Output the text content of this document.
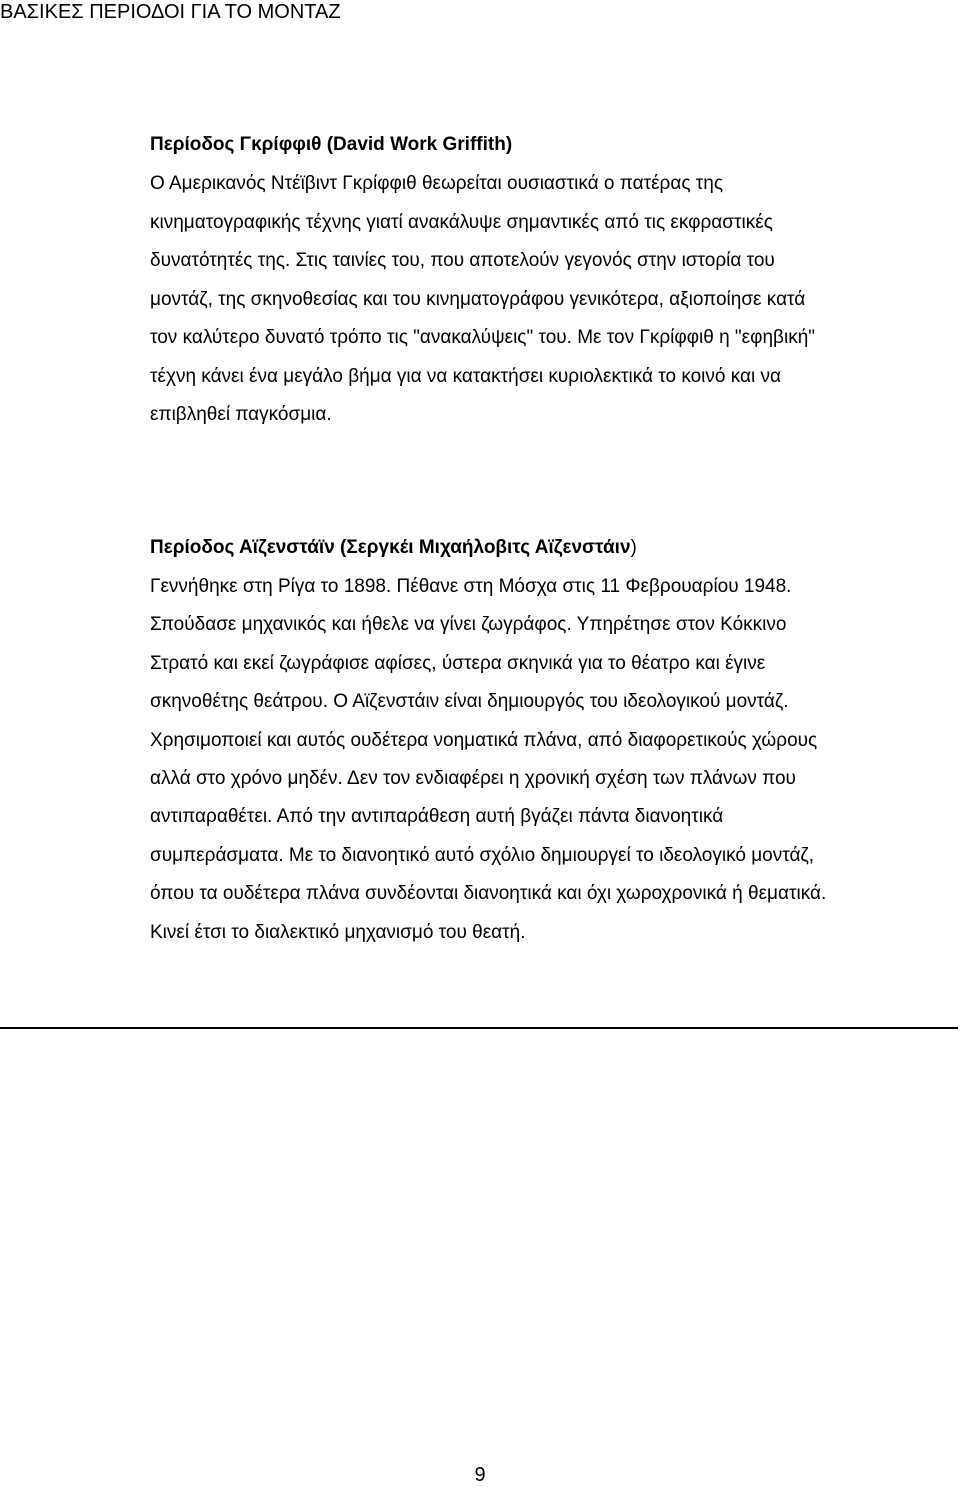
ΒΑΣΙΚΕΣ ΠΕΡΙΟΔΟΙ ΓΙΑ ΤΟ ΜΟΝΤΑΖ
Περίοδος Γκρίφφιθ (David Work Griffith)

Ο Αμερικανός Ντέϊβιντ Γκρίφφιθ θεωρείται ουσιαστικά ο πατέρας της
κινηματογραφικής τέχνης γιατί ανακάλυψε σημαντικές από τις εκφραστικές
δυνατότητές της. Στις ταινίες του, που αποτελούν γεγονός στην ιστορία του
μοντάζ, της σκηνοθεσίας και του κινηματογράφου γενικότερα, αξιοποίησε κατά
τον καλύτερο δυνατό τρόπο τις "ανακαλύψεις" του. Με τον Γκρίφφιθ η "εφηβική"
τέχνη κάνει ένα μεγάλο βήμα για να κατακτήσει κυριολεκτικά το κοινό και να
επιβληθεί παγκόσμια.

Περίοδος Αϊζενστάϊν (Σεργκέι Μιχαήλοβιτς Αϊζενστάιν)

Γεννήθηκε στη Ρίγα το 1898. Πέθανε στη Μόσχα στις 11 Φεβρουαρίου 1948.
Σπούδασε μηχανικός και ήθελε να γίνει ζωγράφος. Υπηρέτησε στον Κόκκινο
Στρατό και εκεί ζωγράφισε αφίσες, ύστερα σκηνικά για το θέατρο και έγινε
σκηνοθέτης θεάτρου. Ο Αϊζενστάιν είναι δημιουργός του ιδεολογικού μοντάζ.
Χρησιμοποιεί και αυτός ουδέτερα νοηματικά πλάνα, από διαφορετικούς χώρους
αλλά στο χρόνο μηδέν. Δεν τον ενδιαφέρει η χρονική σχέση των πλάνων που
αντιπαραθέτει. Από την αντιπαράθεση αυτή βγάζει πάντα διανοητικά
συμπεράσματα. Με το διανοητικό αυτό σχόλιο δημιουργεί το ιδεολογικό μοντάζ,
όπου τα ουδέτερα πλάνα συνδέονται διανοητικά και όχι χωροχρονικά ή θεματικά.
Κινεί έτσι το διαλεκτικό μηχανισμό του θεατή.

9
